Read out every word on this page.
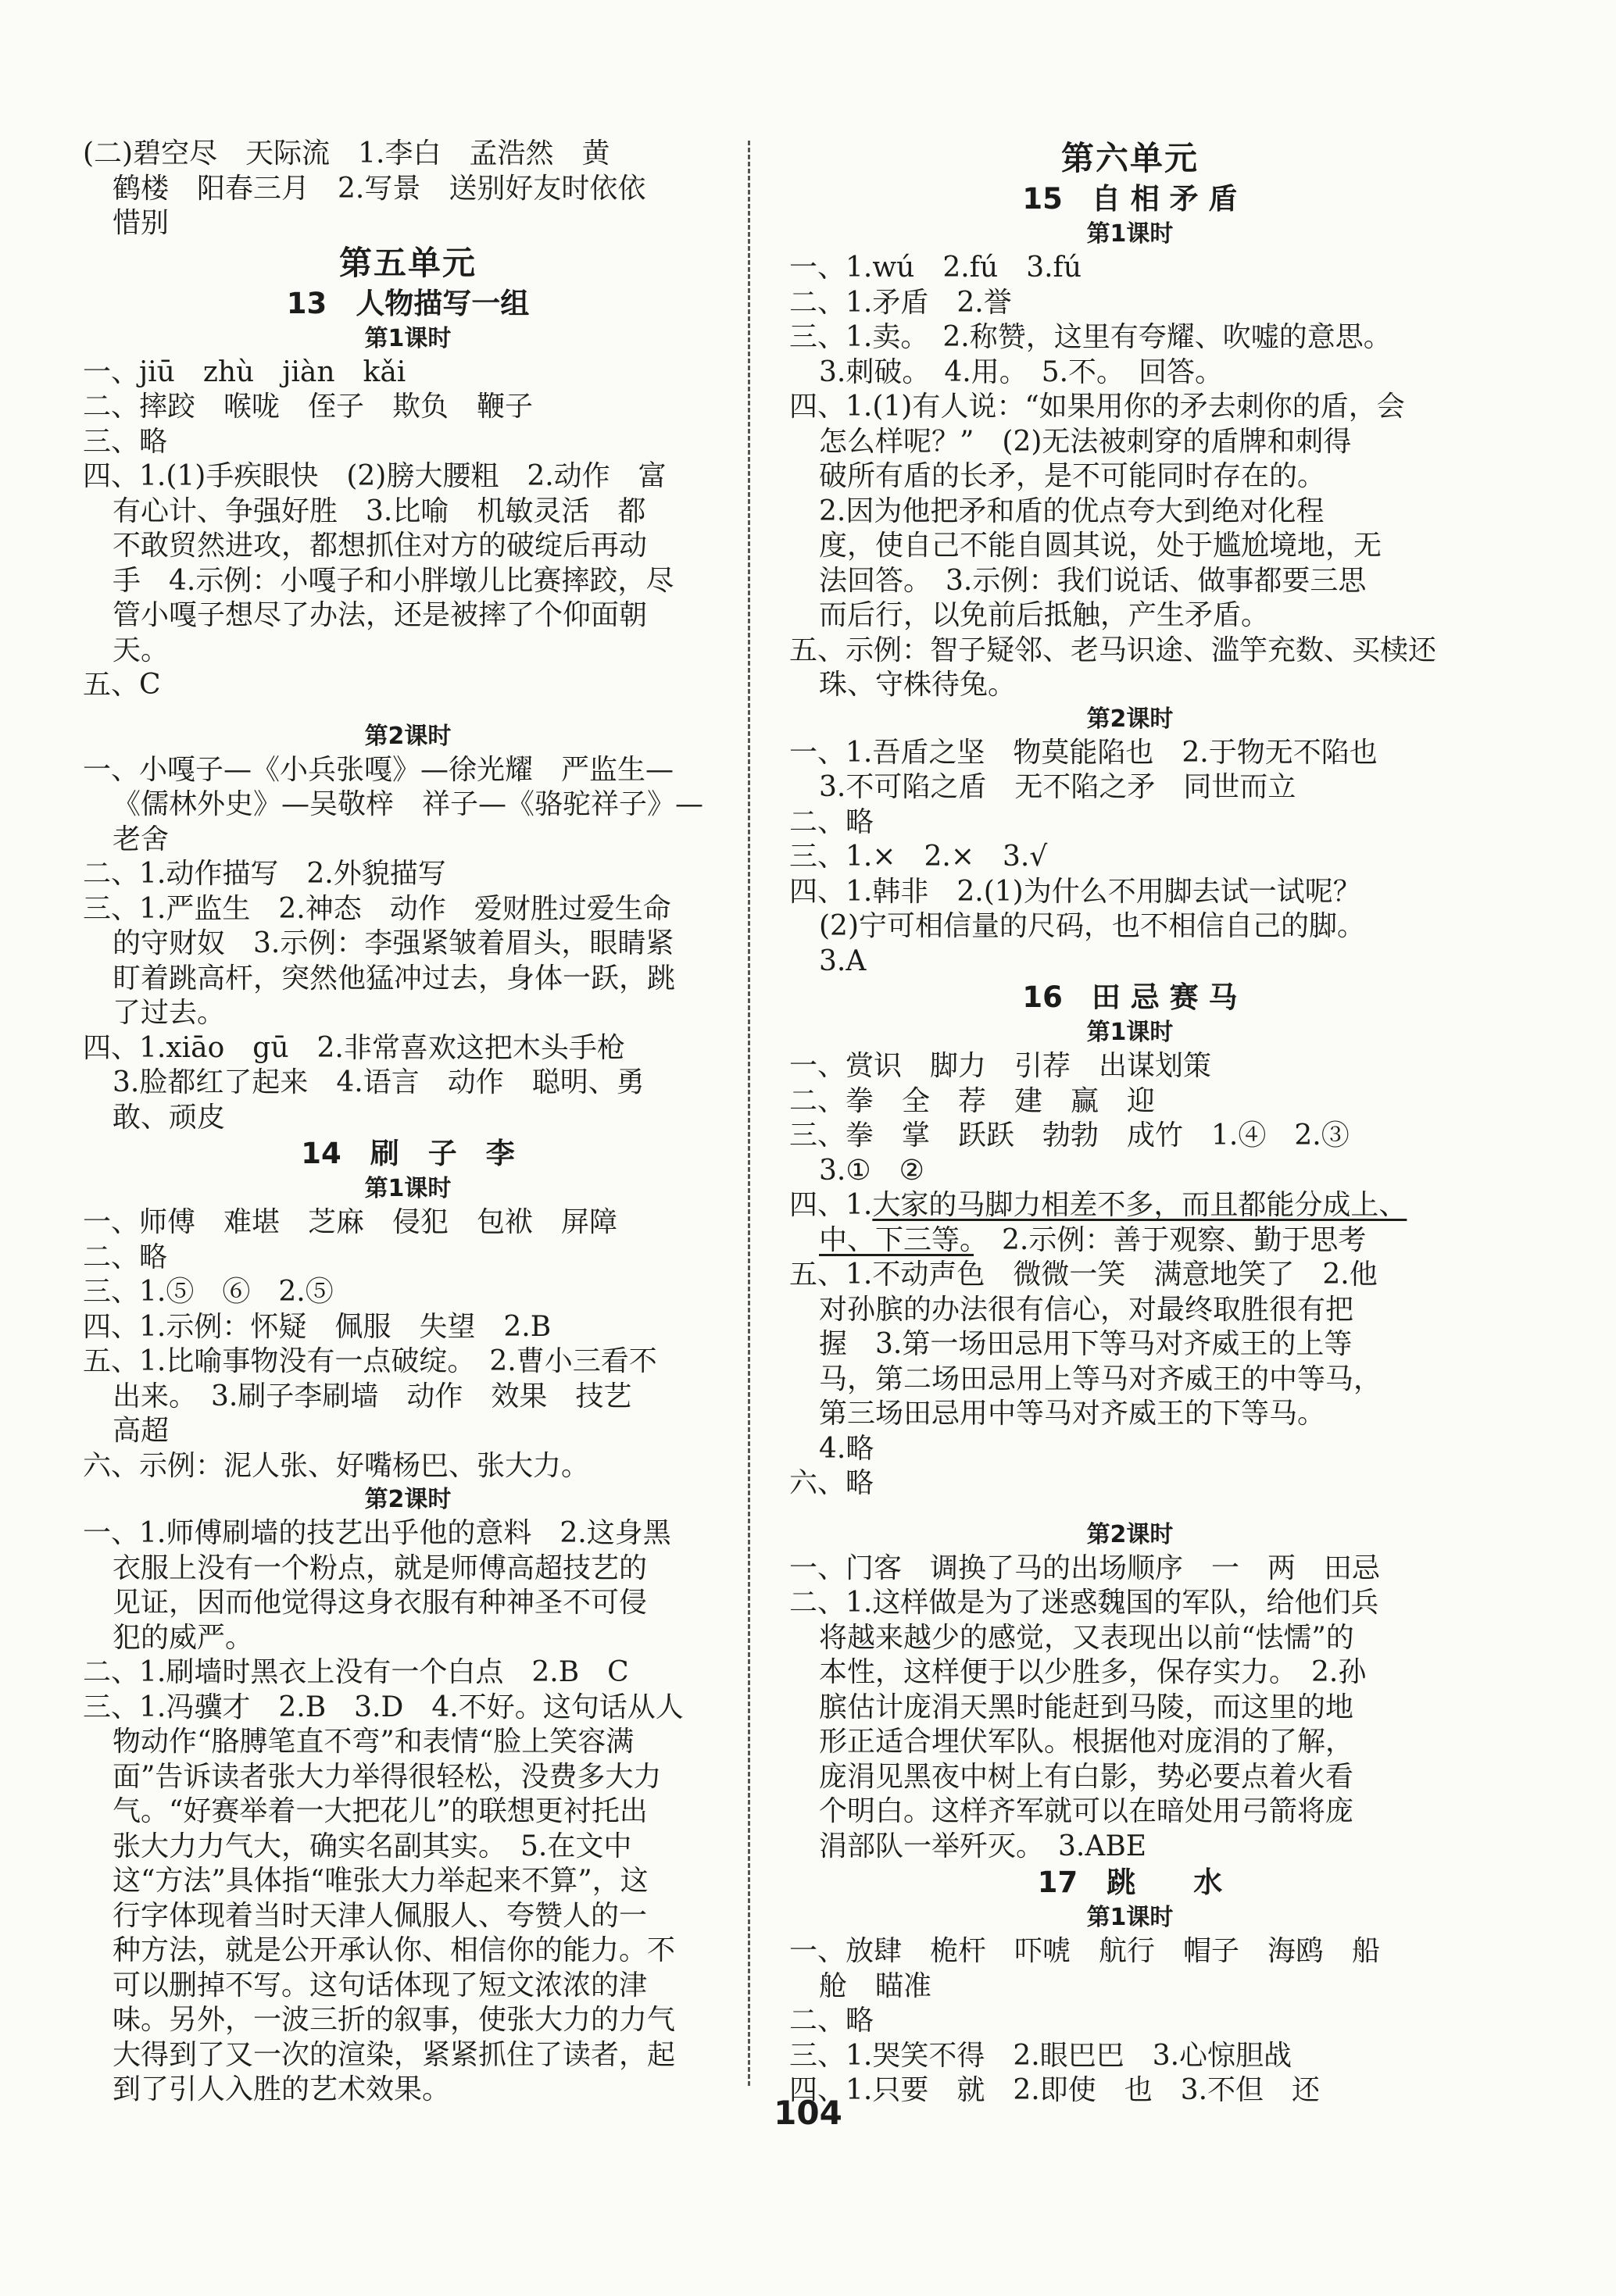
(二)碧空尽　天际流　1.李白　孟浩然　黄

鹤楼　阳春三月　2.写景　送别好友时依依

惜别

第五单元
13　人物描写一组
第1课时

一、jiū　zhù　jiàn　kǎi

二、摔跤　喉咙　侄子　欺负　鞭子

三、略

四、1.(1)手疾眼快　(2)膀大腰粗　2.动作　富

有心计、争强好胜　3.比喻　机敏灵活　都

不敢贸然进攻，都想抓住对方的破绽后再动

手　4.示例：小嘎子和小胖墩儿比赛摔跤，尽

管小嘎子想尽了办法，还是被摔了个仰面朝

天。

五、C

第2课时

一、小嘎子—《小兵张嘎》—徐光耀　严监生—

《儒林外史》—吴敬梓　祥子—《骆驼祥子》—

老舍

二、1.动作描写　2.外貌描写

三、1.严监生　2.神态　动作　爱财胜过爱生命

的守财奴　3.示例：李强紧皱着眉头，眼睛紧

盯着跳高杆，突然他猛冲过去，身体一跃，跳

了过去。

四、1.xiāo　gū　2.非常喜欢这把木头手枪

3.脸都红了起来　4.语言　动作　聪明、勇

敢、顽皮

14　刷　子　李
第1课时

一、师傅　难堪　芝麻　侵犯　包袱　屏障

二、略

三、1.⑤　⑥　2.⑤

四、1.示例：怀疑　佩服　失望　2.B

五、1.比喻事物没有一点破绽。　2.曹小三看不

出来。　3.刷子李刷墙　动作　效果　技艺

高超

六、示例：泥人张、好嘴杨巴、张大力。

第2课时

一、1.师傅刷墙的技艺出乎他的意料　2.这身黑

衣服上没有一个粉点，就是师傅高超技艺的

见证，因而他觉得这身衣服有种神圣不可侵

犯的威严。

二、1.刷墙时黑衣上没有一个白点　2.B　C

三、1.冯骥才　2.B　3.D　4.不好。这句话从人

物动作“胳膊笔直不弯”和表情“脸上笑容满

面”告诉读者张大力举得很轻松，没费多大力

气。“好赛举着一大把花儿”的联想更衬托出

张大力力气大，确实名副其实。　5.在文中

这“方法”具体指“唯张大力举起来不算”，这

行字体现着当时天津人佩服人、夸赞人的一

种方法，就是公开承认你、相信你的能力。不

可以删掉不写。这句话体现了短文浓浓的津

味。另外，一波三折的叙事，使张大力的力气

大得到了又一次的渲染，紧紧抓住了读者，起

到了引人入胜的艺术效果。

第六单元
15　自 相 矛 盾
第1课时

一、1.wú　2.fú　3.fú

二、1.矛盾　2.誉

三、1.卖。　2.称赞，这里有夸耀、吹嘘的意思。

3.刺破。　4.用。　5.不。　回答。

四、1.(1)有人说：“如果用你的矛去刺你的盾，会

怎么样呢？”　(2)无法被刺穿的盾牌和刺得

破所有盾的长矛，是不可能同时存在的。

2.因为他把矛和盾的优点夸大到绝对化程

度，使自己不能自圆其说，处于尴尬境地，无

法回答。　3.示例：我们说话、做事都要三思

而后行，以免前后抵触，产生矛盾。

五、示例：智子疑邻、老马识途、滥竽充数、买椟还

珠、守株待兔。

第2课时

一、1.吾盾之坚　物莫能陷也　2.于物无不陷也

3.不可陷之盾　无不陷之矛　同世而立

二、略

三、1.×　2.×　3.√

四、1.韩非　2.(1)为什么不用脚去试一试呢？

(2)宁可相信量的尺码，也不相信自己的脚。

3.A

16　田 忌 赛 马
第1课时

一、赏识　脚力　引荐　出谋划策

二、拳　全　荐　建　赢　迎

三、拳　掌　跃跃　勃勃　成竹　1.④　2.③

3.①　②

四、1.大家的马脚力相差不多，而且都能分成上、

中、下三等。　2.示例：善于观察、勤于思考

五、1.不动声色　微微一笑　满意地笑了　2.他

对孙膑的办法很有信心，对最终取胜很有把

握　3.第一场田忌用下等马对齐威王的上等

马，第二场田忌用上等马对齐威王的中等马，

第三场田忌用中等马对齐威王的下等马。

4.略

六、略

第2课时

一、门客　调换了马的出场顺序　一　两　田忌

二、1.这样做是为了迷惑魏国的军队，给他们兵

将越来越少的感觉，又表现出以前“怯懦”的

本性，这样便于以少胜多，保存实力。　2.孙

膑估计庞涓天黑时能赶到马陵，而这里的地

形正适合埋伏军队。根据他对庞涓的了解，

庞涓见黑夜中树上有白影，势必要点着火看

个明白。这样齐军就可以在暗处用弓箭将庞

涓部队一举歼灭。　3.ABE

17　跳　　水
第1课时

一、放肆　桅杆　吓唬　航行　帽子　海鸥　船

舱　瞄准

二、略

三、1.哭笑不得　2.眼巴巴　3.心惊胆战

四、1.只要　就　2.即使　也　3.不但　还

104
